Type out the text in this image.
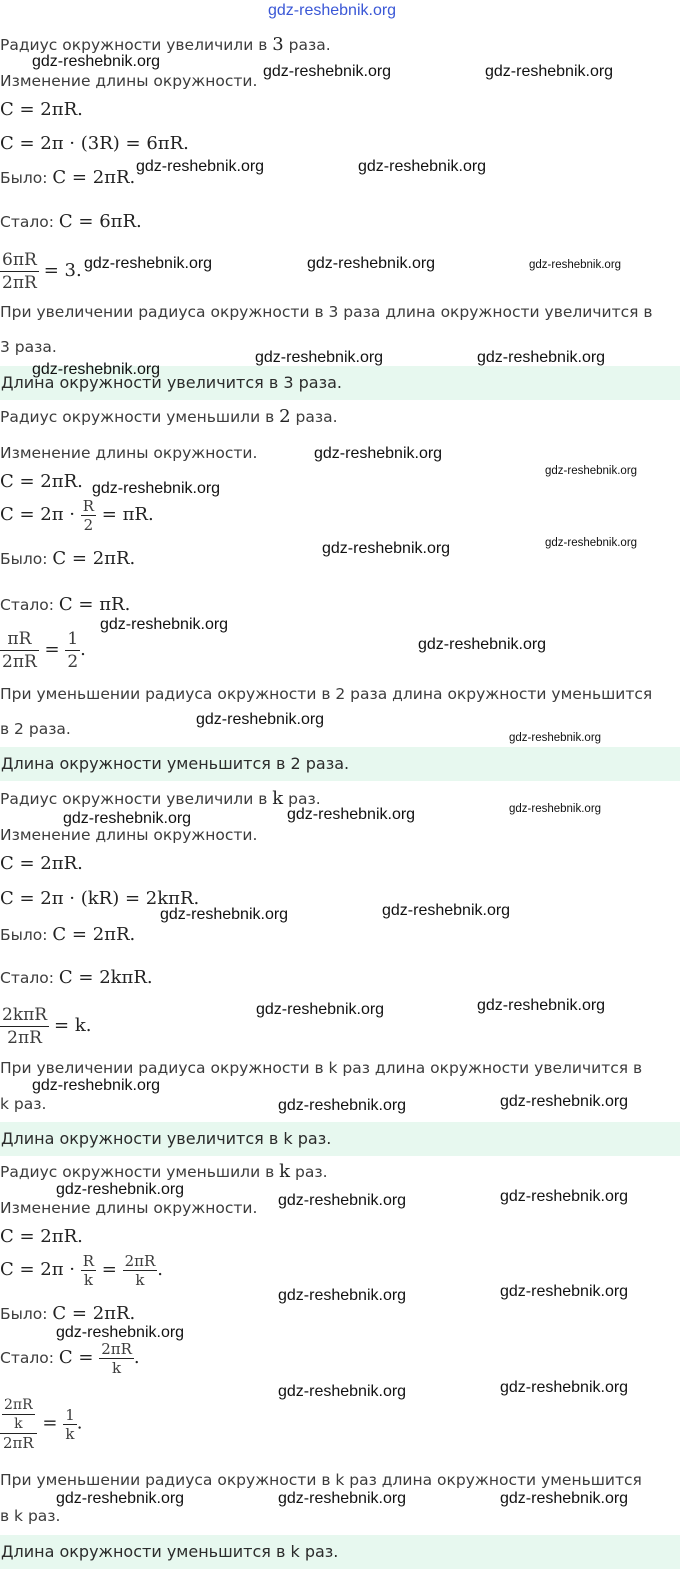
gdz-reshebnik.org
Радиус окружности увеличили в 3 раза.
Изменение длины окружности.
C = 2πR.
C = 2π · (3R) = 6πR.
Было: C = 2πR.
Стало: C = 6πR.
$\frac{6\pi R}{2\pi R} = 3$.
При увеличении радиуса окружности в 3 раза длина окружности увеличится в
3 раза.
Длина окружности увеличится в 3 раза.
Радиус окружности уменьшили в 2 раза.
Изменение длины окружности.
C = 2πR.
$C = 2\pi \cdot \frac{R}{2} = \pi R$.
Было: C = 2πR.
Стало: C = πR.
$\frac{\pi R}{2\pi R} = \frac{1}{2}$ .
При уменьшении радиуса окружности в 2 раза длина окружности уменьшится
в 2 раза.
Длина окружности уменьшится в 2 раза.
Радиус окружности увеличили в k раз.
Изменение длины окружности.
C = 2πR.
C = 2π · (kR) = 2kπR.
Было: C = 2πR.
Стало: C = 2kπR.
$\frac{\text{2kπR}}{2\pi R} = k$.
При увеличении радиуса окружности в k раз длина окружности увеличится в
k раз.
Длина окружности увеличится в k раз.
Радиус окружности уменьшили в k раз.
Изменение длины окружности.
C = 2πR.
$C = 2\pi \cdot \frac{R}{k} = \frac{2\pi R}{k}$ .
Было: C = 2πR.
Стало: $C = \frac{2\pi R}{k}$ .
$\frac{\frac{2\pi R}{k}}{2\pi R} = \frac{1}{k}$ .
При уменьшении радиуса окружности в k раз длина окружности уменьшится
в k раз.
Длина окружности уменьшится в k раз.
gdz-reshebnik.org
gdz-reshebnik.org	gdz-reshebnik.org
gdz-reshebnik.org	gdz-reshebnik.org
gdz-reshebnik.org	gdz-reshebnik.org	gdz-reshebnik.org
gdz-reshebnik.org
gdz-reshebnik.org	gdz-reshebnik.org
gdz-reshebnik.org
gdz-reshebnik.org
gdz-reshebnik.org
gdz-reshebnik.org	gdz-reshebnik.org
gdz-reshebnik.org
gdz-reshebnik.org
gdz-reshebnik.org
gdz-reshebnik.org
gdz-reshebnik.org	gdz-reshebnik.org	gdz-reshebnik.org
gdz-reshebnik.org	gdz-reshebnik.org
gdz-reshebnik.org	gdz-reshebnik.org
gdz-reshebnik.org
gdz-reshebnik.org	gdz-reshebnik.org
gdz-reshebnik.org
gdz-reshebnik.org	gdz-reshebnik.org
gdz-reshebnik.org	gdz-reshebnik.org
gdz-reshebnik.org
gdz-reshebnik.org	gdz-reshebnik.org
gdz-reshebnik.org	gdz-reshebnik.org	gdz-reshebnik.org
